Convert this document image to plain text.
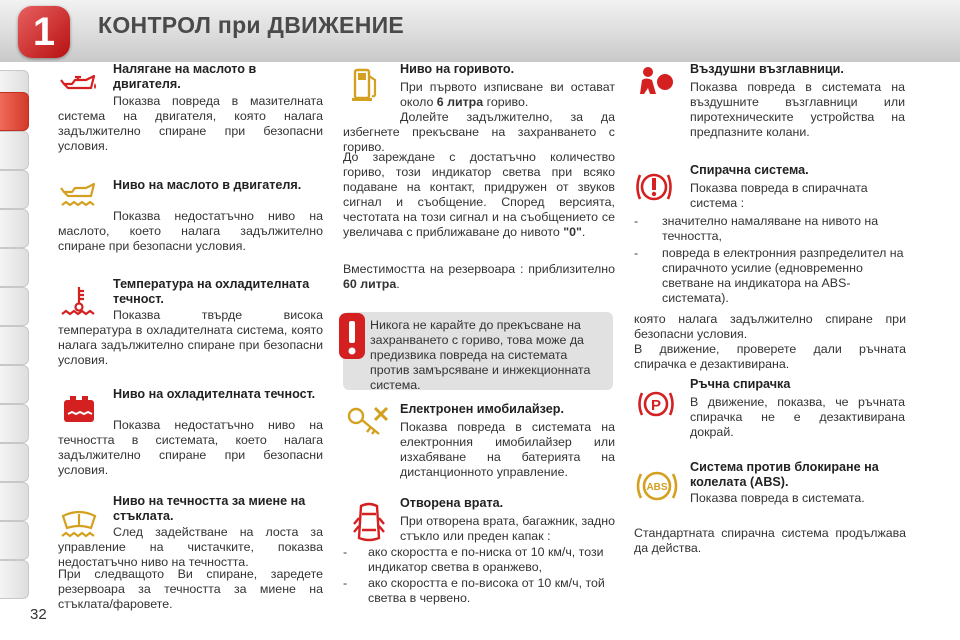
1	КОНТРОЛ при ДВИЖЕНИЕ
Налягане на маслото в двигателя.
Показва повреда в мазителната система на двигателя, която налага задължително спиране при безопасни условия.
Ниво на маслото в двигателя.
Показва недостатъчно ниво на маслото, което налага задължително спиране при безопасни условия.
Температура на охладителната течност.
Показва твърде висока температура в охладителната система, която налага задължително спиране при безопасни условия.
Ниво на охладителната течност.
Показва недостатъчно ниво на течността в системата, което налага задължително спиране при безопасни условия.
Ниво на течността за миене на стъклата.
След задействане на лоста за управление на чистачките, показва недостатъчно ниво на течността.
При следващото Ви спиране, заредете резервоара за течността за миене на стъклата/фаровете.
Ниво на горивото.
При първото изписване ви остават около 6 литра гориво.
Долейте задължително, за да избегнете прекъсване на захранването с гориво.
До зареждане с достатъчно количество гориво, този индикатор светва при всяко подаване на контакт, придружен от звуков сигнал и съобщение. Според версията, честотата на този сигнал и на съобщението се увеличава с приближаване до нивото "0".
Вместимостта на резервоара : приблизително 60 литра.
Никога не карайте до прекъсване на захранването с гориво, това може да предизвика повреда на системата против замърсяване и инжекционната система.
Електронен имобилайзер.
Показва повреда в системата на електронния имобилайзер или изхабяване на батерията на дистанционното управление.
Отворена врата.
При отворена врата, багажник, задно стъкло или преден капак :
-	ако скоростта е по-ниска от 10 км/ч, този индикатор светва в оранжево,
-	ако скоростта е по-висока от 10 км/ч, той светва в червено.
Въздушни възглавници.
Показва повреда в системата на въздушните възглавници или пиротехническите устройства на предпазните колани.
Спирачна система.
Показва повреда в спирачната система :
-	значително намаляване на нивото на течността,
-	повреда в електронния разпределител на спирачното усилие (едновременно светване на индикатора на ABS-системата).
която налага задължително спиране при безопасни условия.
В движение, проверете дали ръчната спирачка е дезактивирана.
P
Ръчна спирачка
В движение, показва, че ръчната спирачка не е дезактивирана докрай.
ABS
Система против блокиране на колелата (ABS).
Показва повреда в системата.
Стандартната спирачна система продължава да действа.
32
